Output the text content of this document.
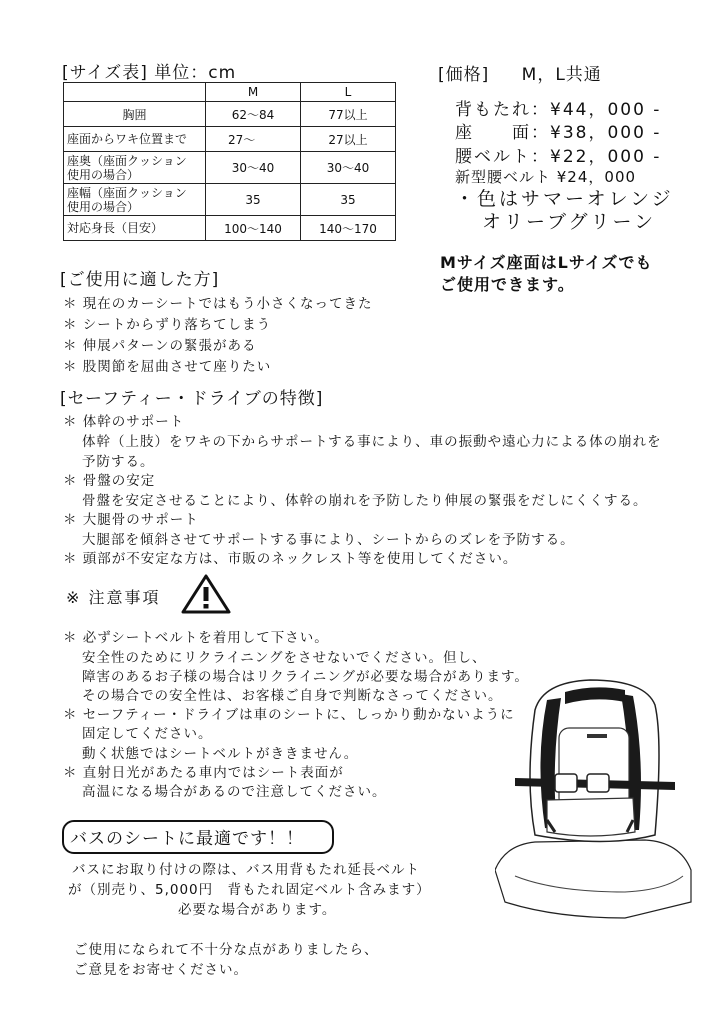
[サイズ表] 単位：cm
	M	L
胸囲	62〜84	77以上
座面からワキ位置まで	27〜	27以上
座奥（座面クッション
使用の場合）	30〜40	30〜40
座幅（座面クッション
使用の場合）	35	35
対応身長（目安）	100〜140	140〜170
[価格] M，L共通
背もたれ：¥44，000 -
座　　面：¥38，000 -
腰ベルト：¥22，000 -
新型腰ベルト ¥24，000
・色はサマーオレンジ
オリーブグリーン
Mサイズ座面はLサイズでも
ご使用できます。
[ご使用に適した方]
＊ 現在のカーシートではもう小さくなってきた
＊ シートからずり落ちてしまう
＊ 伸展パターンの緊張がある
＊ 股関節を屈曲させて座りたい
[セーフティー・ドライブの特徴]
＊ 体幹のサポート
体幹（上肢）をワキの下からサポートする事により、車の振動や遠心力による体の崩れを
予防する。
＊ 骨盤の安定
骨盤を安定させることにより、体幹の崩れを予防したり伸展の緊張をだしにくくする。
＊ 大腿骨のサポート
大腿部を傾斜させてサポートする事により、シートからのズレを予防する。
＊ 頭部が不安定な方は、市販のネックレスト等を使用してください。
※ 注意事項
＊ 必ずシートベルトを着用して下さい。
安全性のためにリクライニングをさせないでください。但し、
障害のあるお子様の場合はリクライニングが必要な場合があります。
その場合での安全性は、お客様ご自身で判断なさってください。
＊ セーフティー・ドライブは車のシートに、しっかり動かないように
固定してください。
動く状態ではシートベルトがききません。
＊ 直射日光があたる車内ではシート表面が
高温になる場合があるので注意してください。
バスのシートに最適です！！
バスにお取り付けの際は、バス用背もたれ延長ベルト
が（別売り、5,000円　背もたれ固定ベルト含みます）
必要な場合があります。
ご使用になられて不十分な点がありましたら、
ご意見をお寄せください。
